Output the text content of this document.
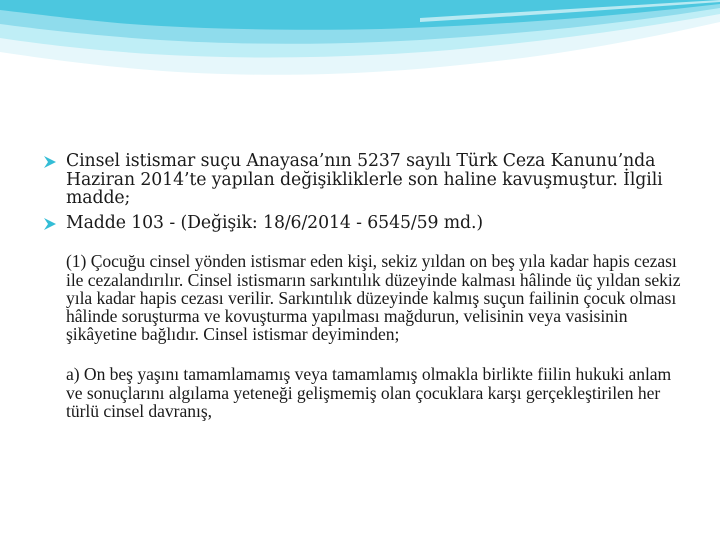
Cinsel istismar suçu Anayasa’nın 5237 sayılı Türk Ceza Kanunu’nda Haziran 2014’te yapılan değişikliklerle son haline kavuşmuştur. İlgili madde;
Madde 103 - (Değişik: 18/6/2014 - 6545/59 md.)
(1) Çocuğu cinsel yönden istismar eden kişi, sekiz yıldan on beş yıla kadar hapis cezası ile cezalandırılır. Cinsel istismarın sarkıntılık düzeyinde kalması hâlinde üç yıldan sekiz yıla kadar hapis cezası verilir. Sarkıntılık düzeyinde kalmış suçun failinin çocuk olması hâlinde soruşturma ve kovuşturma yapılması mağdurun, velisinin veya vasisinin şikâyetine bağlıdır. Cinsel istismar deyiminden;
a) On beş yaşını tamamlamamış veya tamamlamış olmakla birlikte fiilin hukuki anlam ve sonuçlarını algılama yeteneği gelişmemiş olan çocuklara karşı gerçekleştirilen her türlü cinsel davranış,
